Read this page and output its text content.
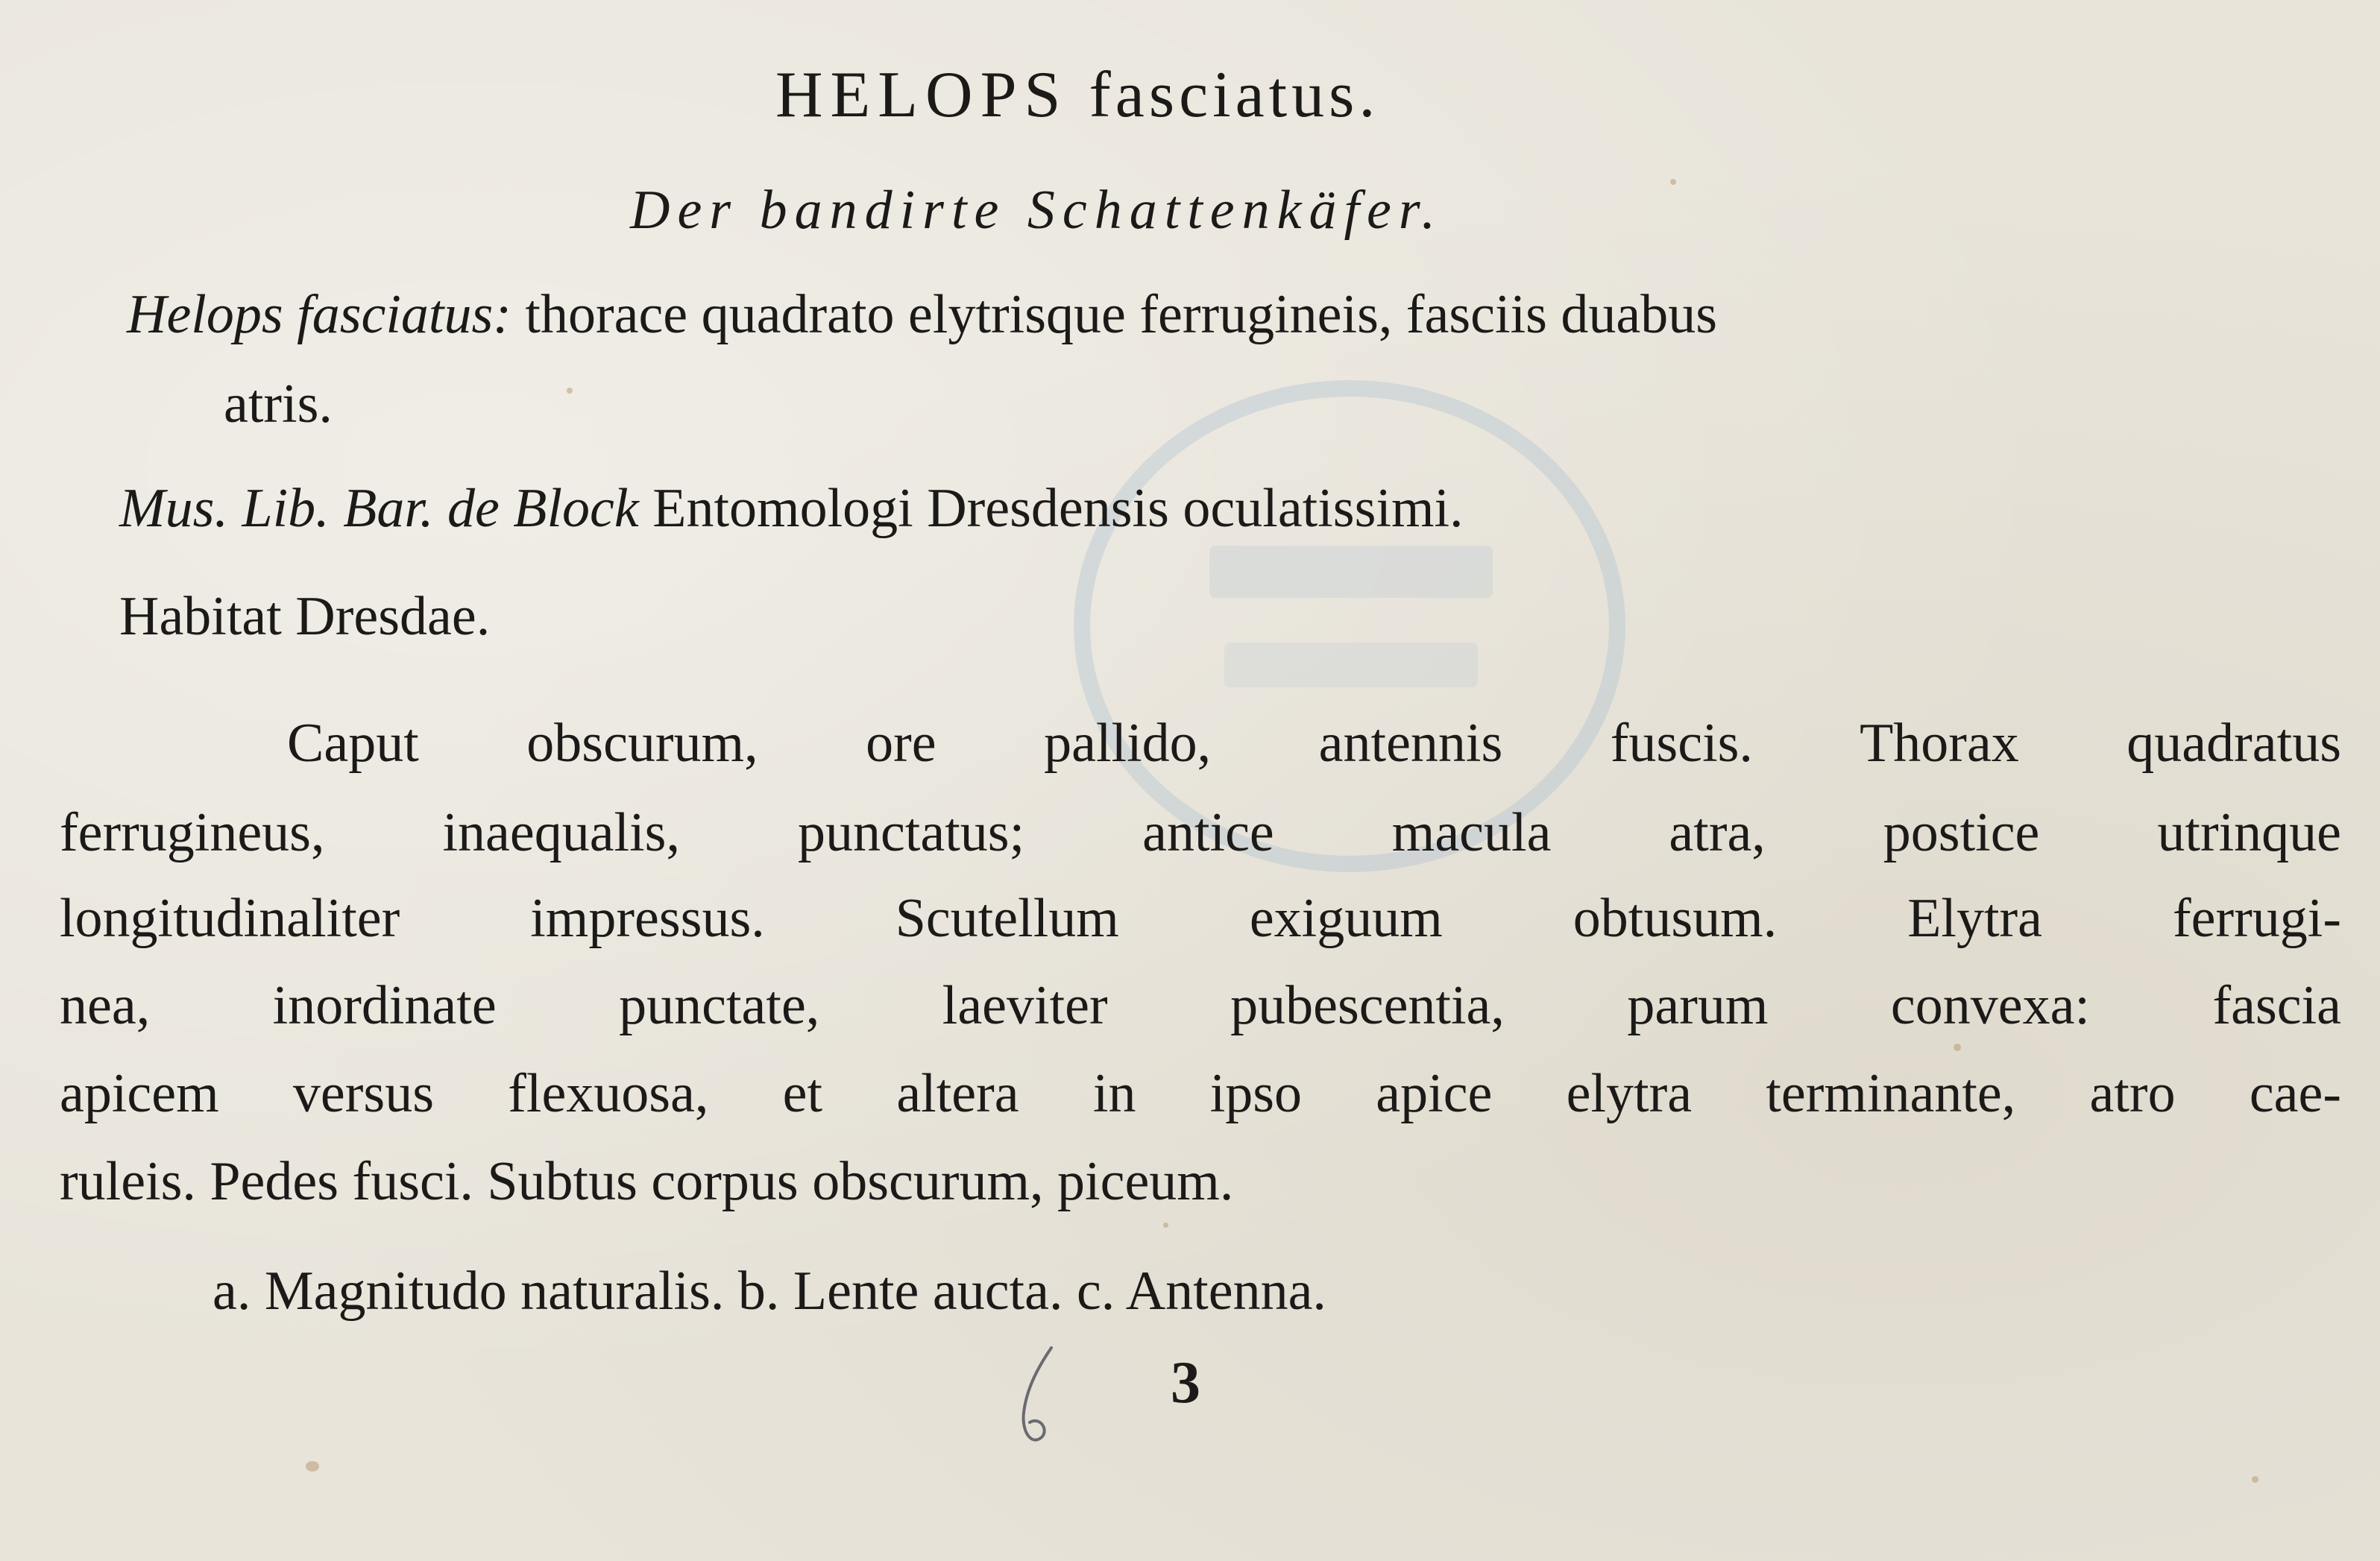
HELOPS fasciatus.
Der bandirte Schattenkäfer.
Helops fasciatus: thorace quadrato elytrisque ferrugineis, fasciis duabus
atris.
Mus. Lib. Bar. de Block Entomologi Dresdensis oculatissimi.
Habitat Dresdae.
Caput obscurum, ore pallido, antennis fuscis. Thorax quadratus
ferrugineus, inaequalis, punctatus; antice macula atra, postice utrinque
longitudinaliter impressus. Scutellum exiguum obtusum. Elytra ferrugi-
nea, inordinate punctate, laeviter pubescentia, parum convexa: fascia
apicem versus flexuosa, et altera in ipso apice elytra terminante, atro cae-
ruleis. Pedes fusci. Subtus corpus obscurum, piceum.
a. Magnitudo naturalis. b. Lente aucta. c. Antenna.
3
